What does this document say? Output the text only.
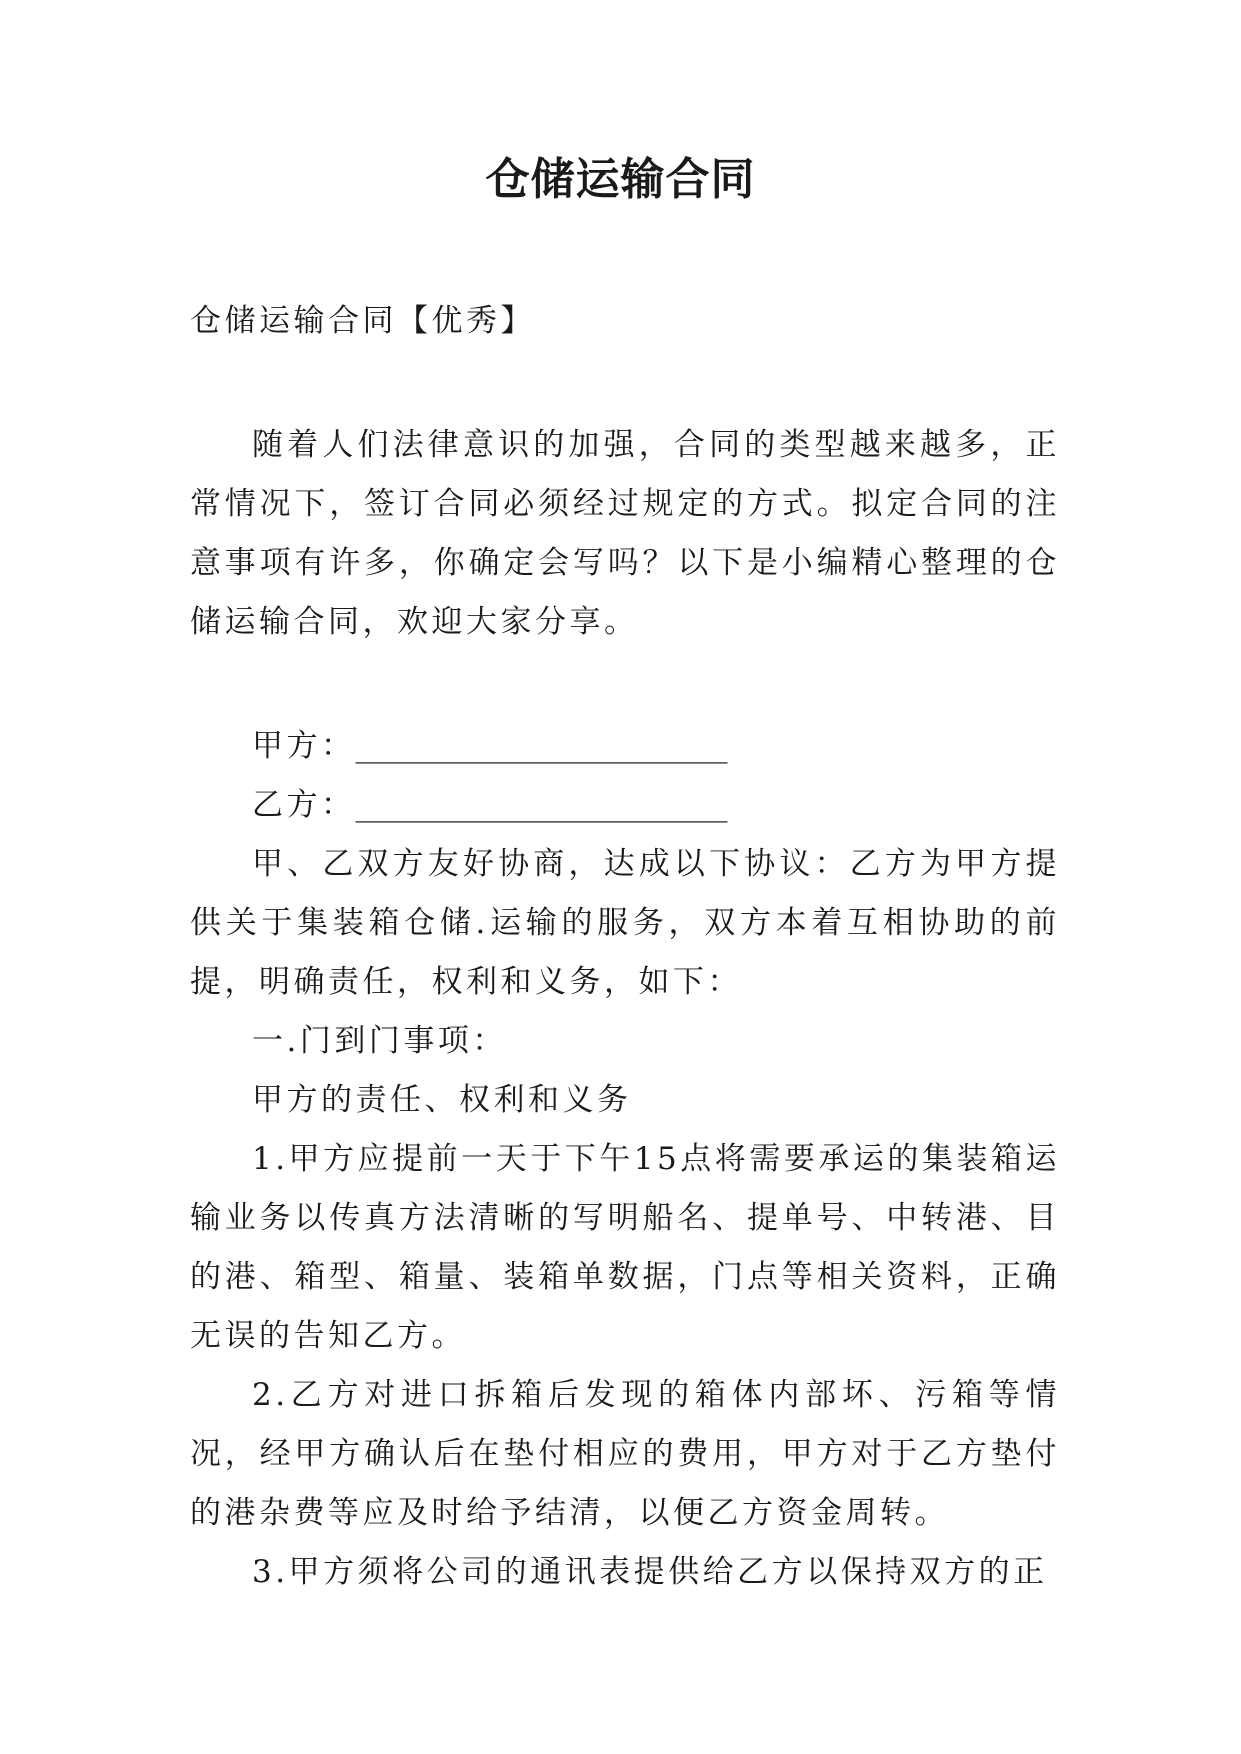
仓储运输合同

仓储运输合同【优秀】

随着人们法律意识的加强，合同的类型越来越多，正常情况下，签订合同必须经过规定的方式。拟定合同的注意事项有许多，你确定会写吗？以下是小编精心整理的仓储运输合同，欢迎大家分享。

甲方：________________________

乙方：________________________

甲、乙双方友好协商，达成以下协议：乙方为甲方提供关于集装箱仓储.运输的服务，双方本着互相协助的前提，明确责任，权利和义务，如下：

一.门到门事项：

甲方的责任、权利和义务

1.甲方应提前一天于下午15点将需要承运的集装箱运输业务以传真方法清晰的写明船名、提单号、中转港、目的港、箱型、箱量、装箱单数据，门点等相关资料，正确无误的告知乙方。

2.乙方对进口拆箱后发现的箱体内部坏、污箱等情况，经甲方确认后在垫付相应的费用，甲方对于乙方垫付的港杂费等应及时给予结清，以便乙方资金周转。

3.甲方须将公司的通讯表提供给乙方以保持双方的正
